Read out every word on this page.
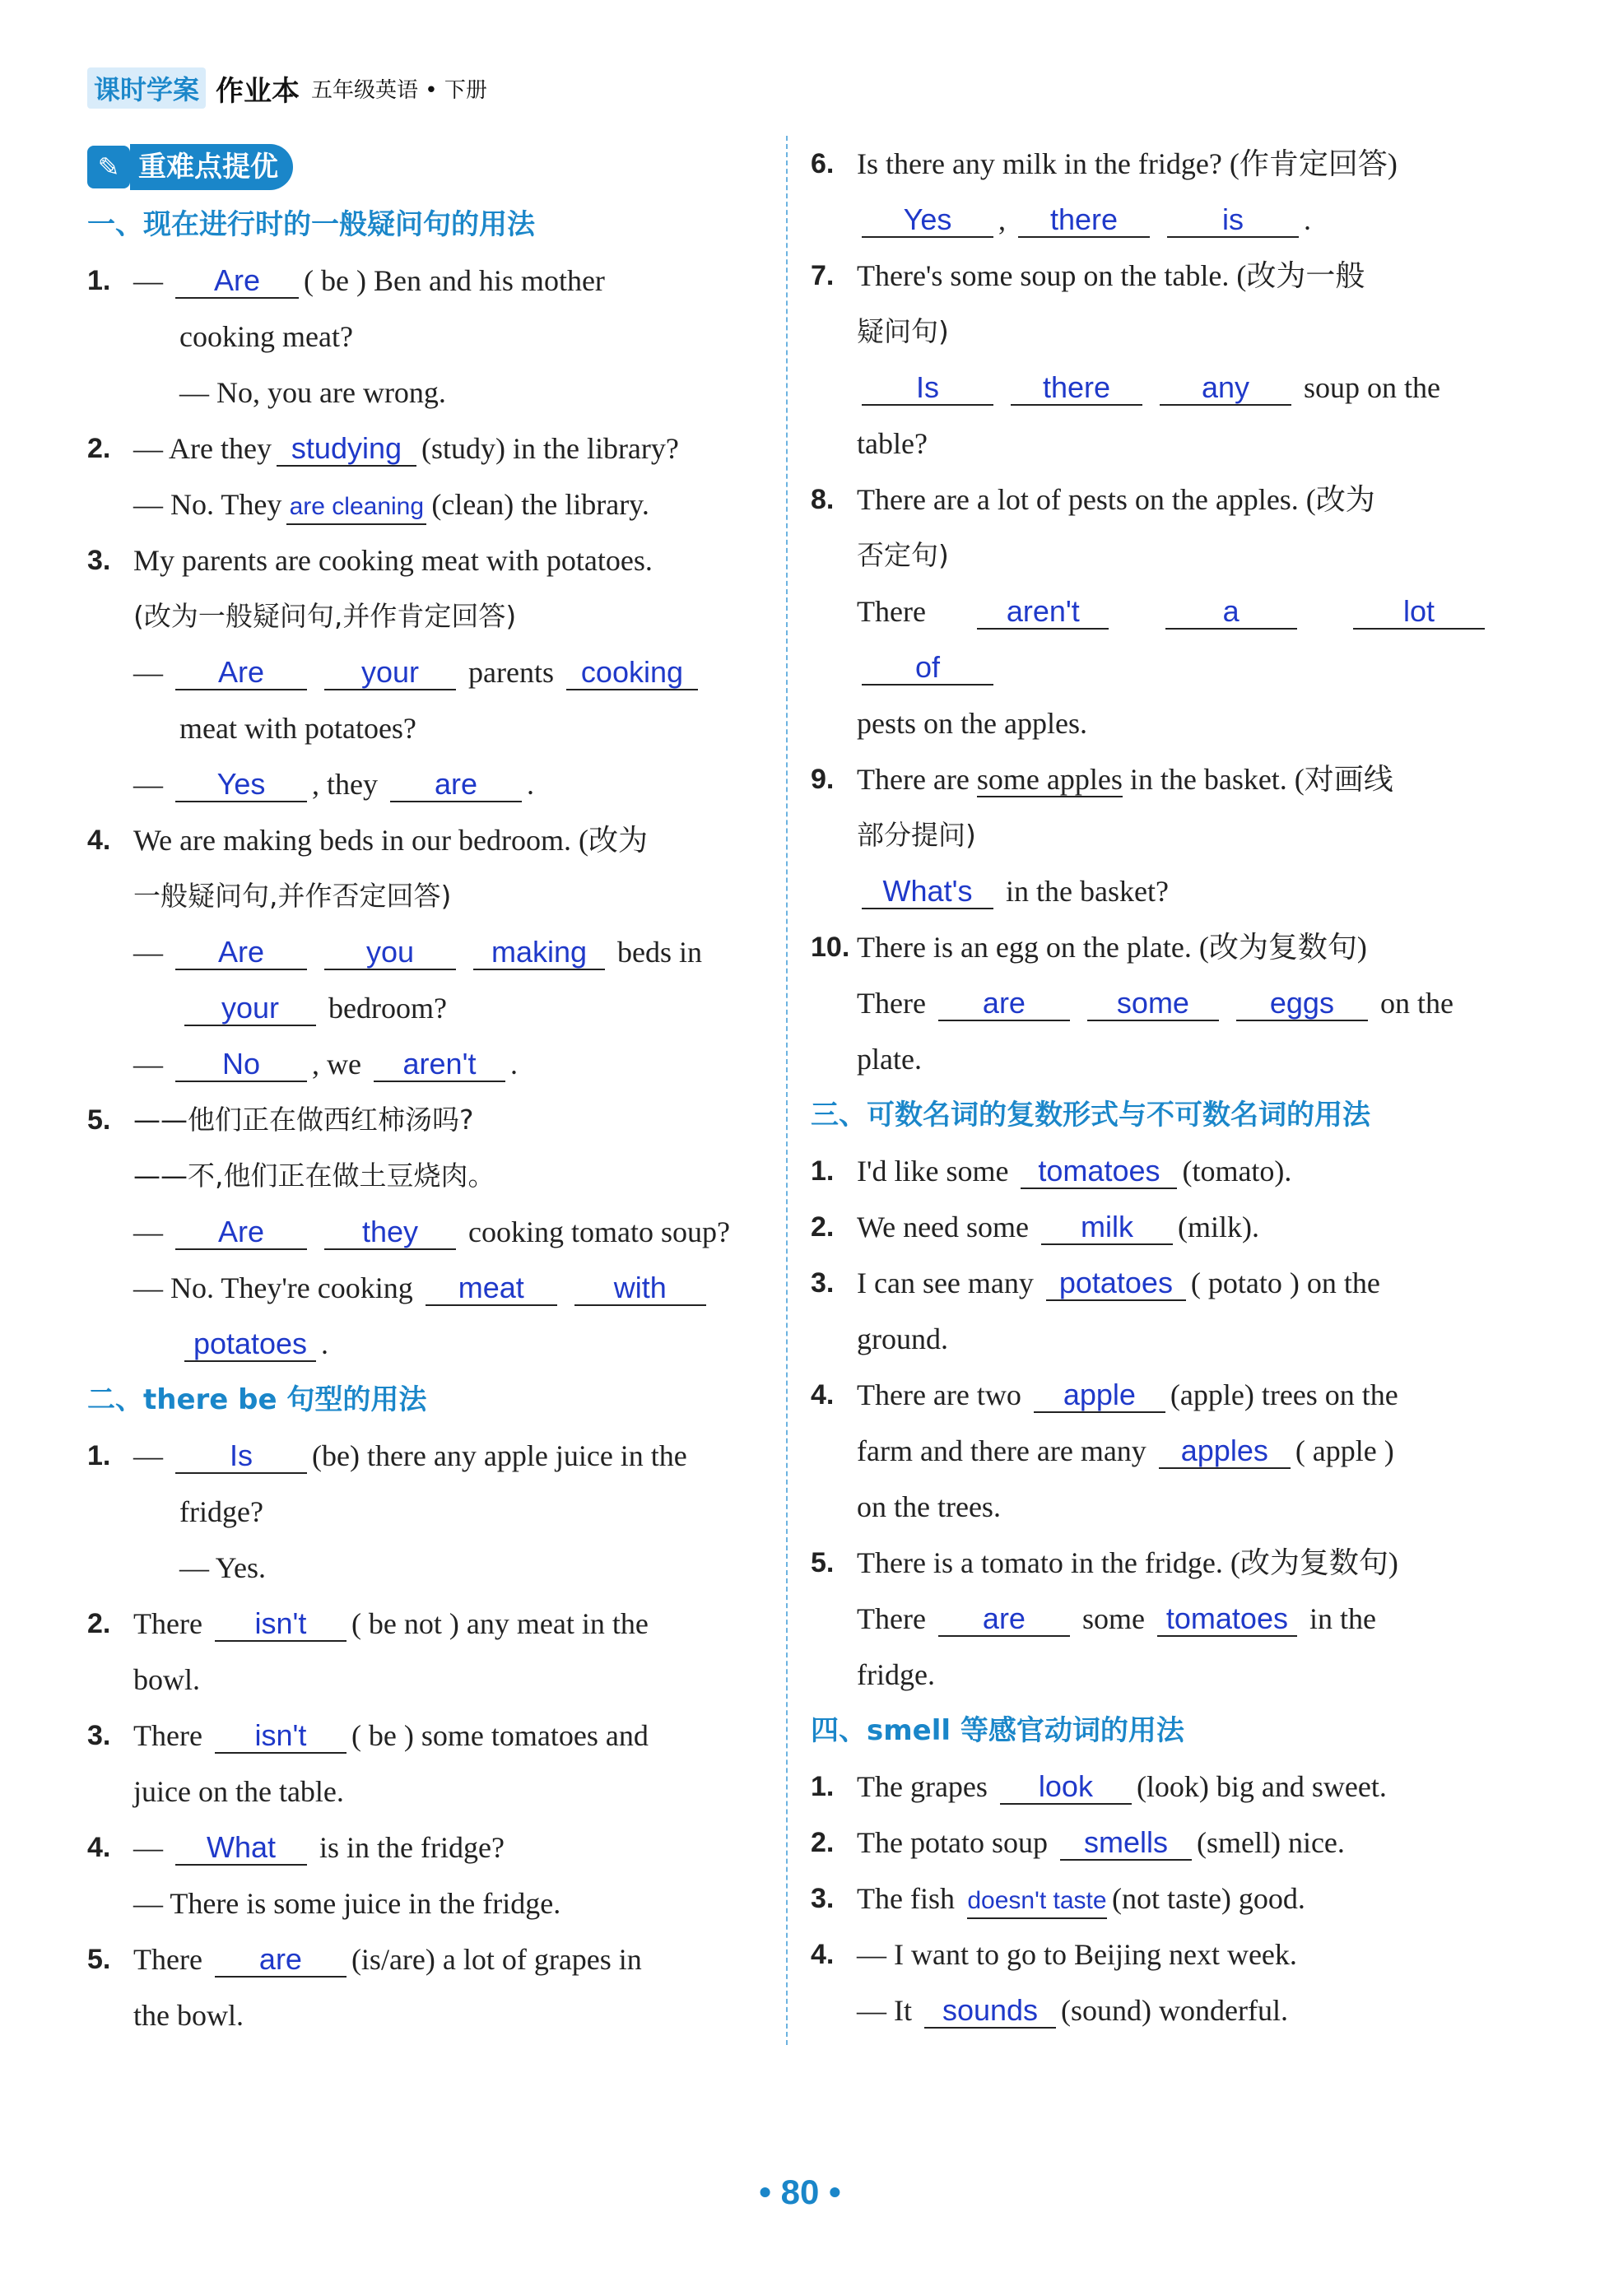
课时学案 作业本 五年级英语 • 下册
✎ 重难点提优
一、现在进行时的一般疑问句的用法
1. — Are ( be ) Ben and his mother
cooking meat?
— No, you are wrong.
2. — Are they studying (study) in the library?
— No. They are cleaning (clean) the library.
3. My parents are cooking meat with potatoes.
(改为一般疑问句,并作肯定回答)
— Are	your parents cooking
meat with potatoes?
— Yes , they are .
4. We are making beds in our bedroom. (改为
一般疑问句,并作否定回答)
— Are	you	making beds in
your bedroom?
— No , we aren't .
5. ——他们正在做西红柿汤吗?
——不,他们正在做土豆烧肉。
— Are	they cooking tomato soup?
— No. They're cooking meat	with
potatoes .
二、there be 句型的用法
1. — Is (be) there any apple juice in the
fridge?
— Yes.
2. There isn't ( be not ) any meat in the
bowl.
3. There isn't ( be ) some tomatoes and
juice on the table.
4. — What is in the fridge?
— There is some juice in the fridge.
5. There are (is/are) a lot of grapes in
the bowl.
6. Is there any milk in the fridge? (作肯定回答)
Yes , there	is .
7. There's some soup on the table. (改为一般
疑问句)
Is	there	any soup on the
table?
8. There are a lot of pests on the apples. (改为
否定句)
There	aren't	a	lot of
pests on the apples.
9. There are some apples in the basket. (对画线
部分提问)
What's in the basket?
10. There is an egg on the plate. (改为复数句)
There are	some	eggs on the
plate.
三、可数名词的复数形式与不可数名词的用法
1. I'd like some tomatoes (tomato).
2. We need some milk (milk).
3. I can see many potatoes ( potato ) on the
ground.
4. There are two apple (apple) trees on the
farm and there are many apples ( apple )
on the trees.
5. There is a tomato in the fridge. (改为复数句)
There are some tomatoes in the
fridge.
四、smell 等感官动词的用法
1. The grapes look (look) big and sweet.
2. The potato soup smells (smell) nice.
3. The fish doesn't taste (not taste) good.
4. — I want to go to Beijing next week.
— It sounds (sound) wonderful.
• 80 •
